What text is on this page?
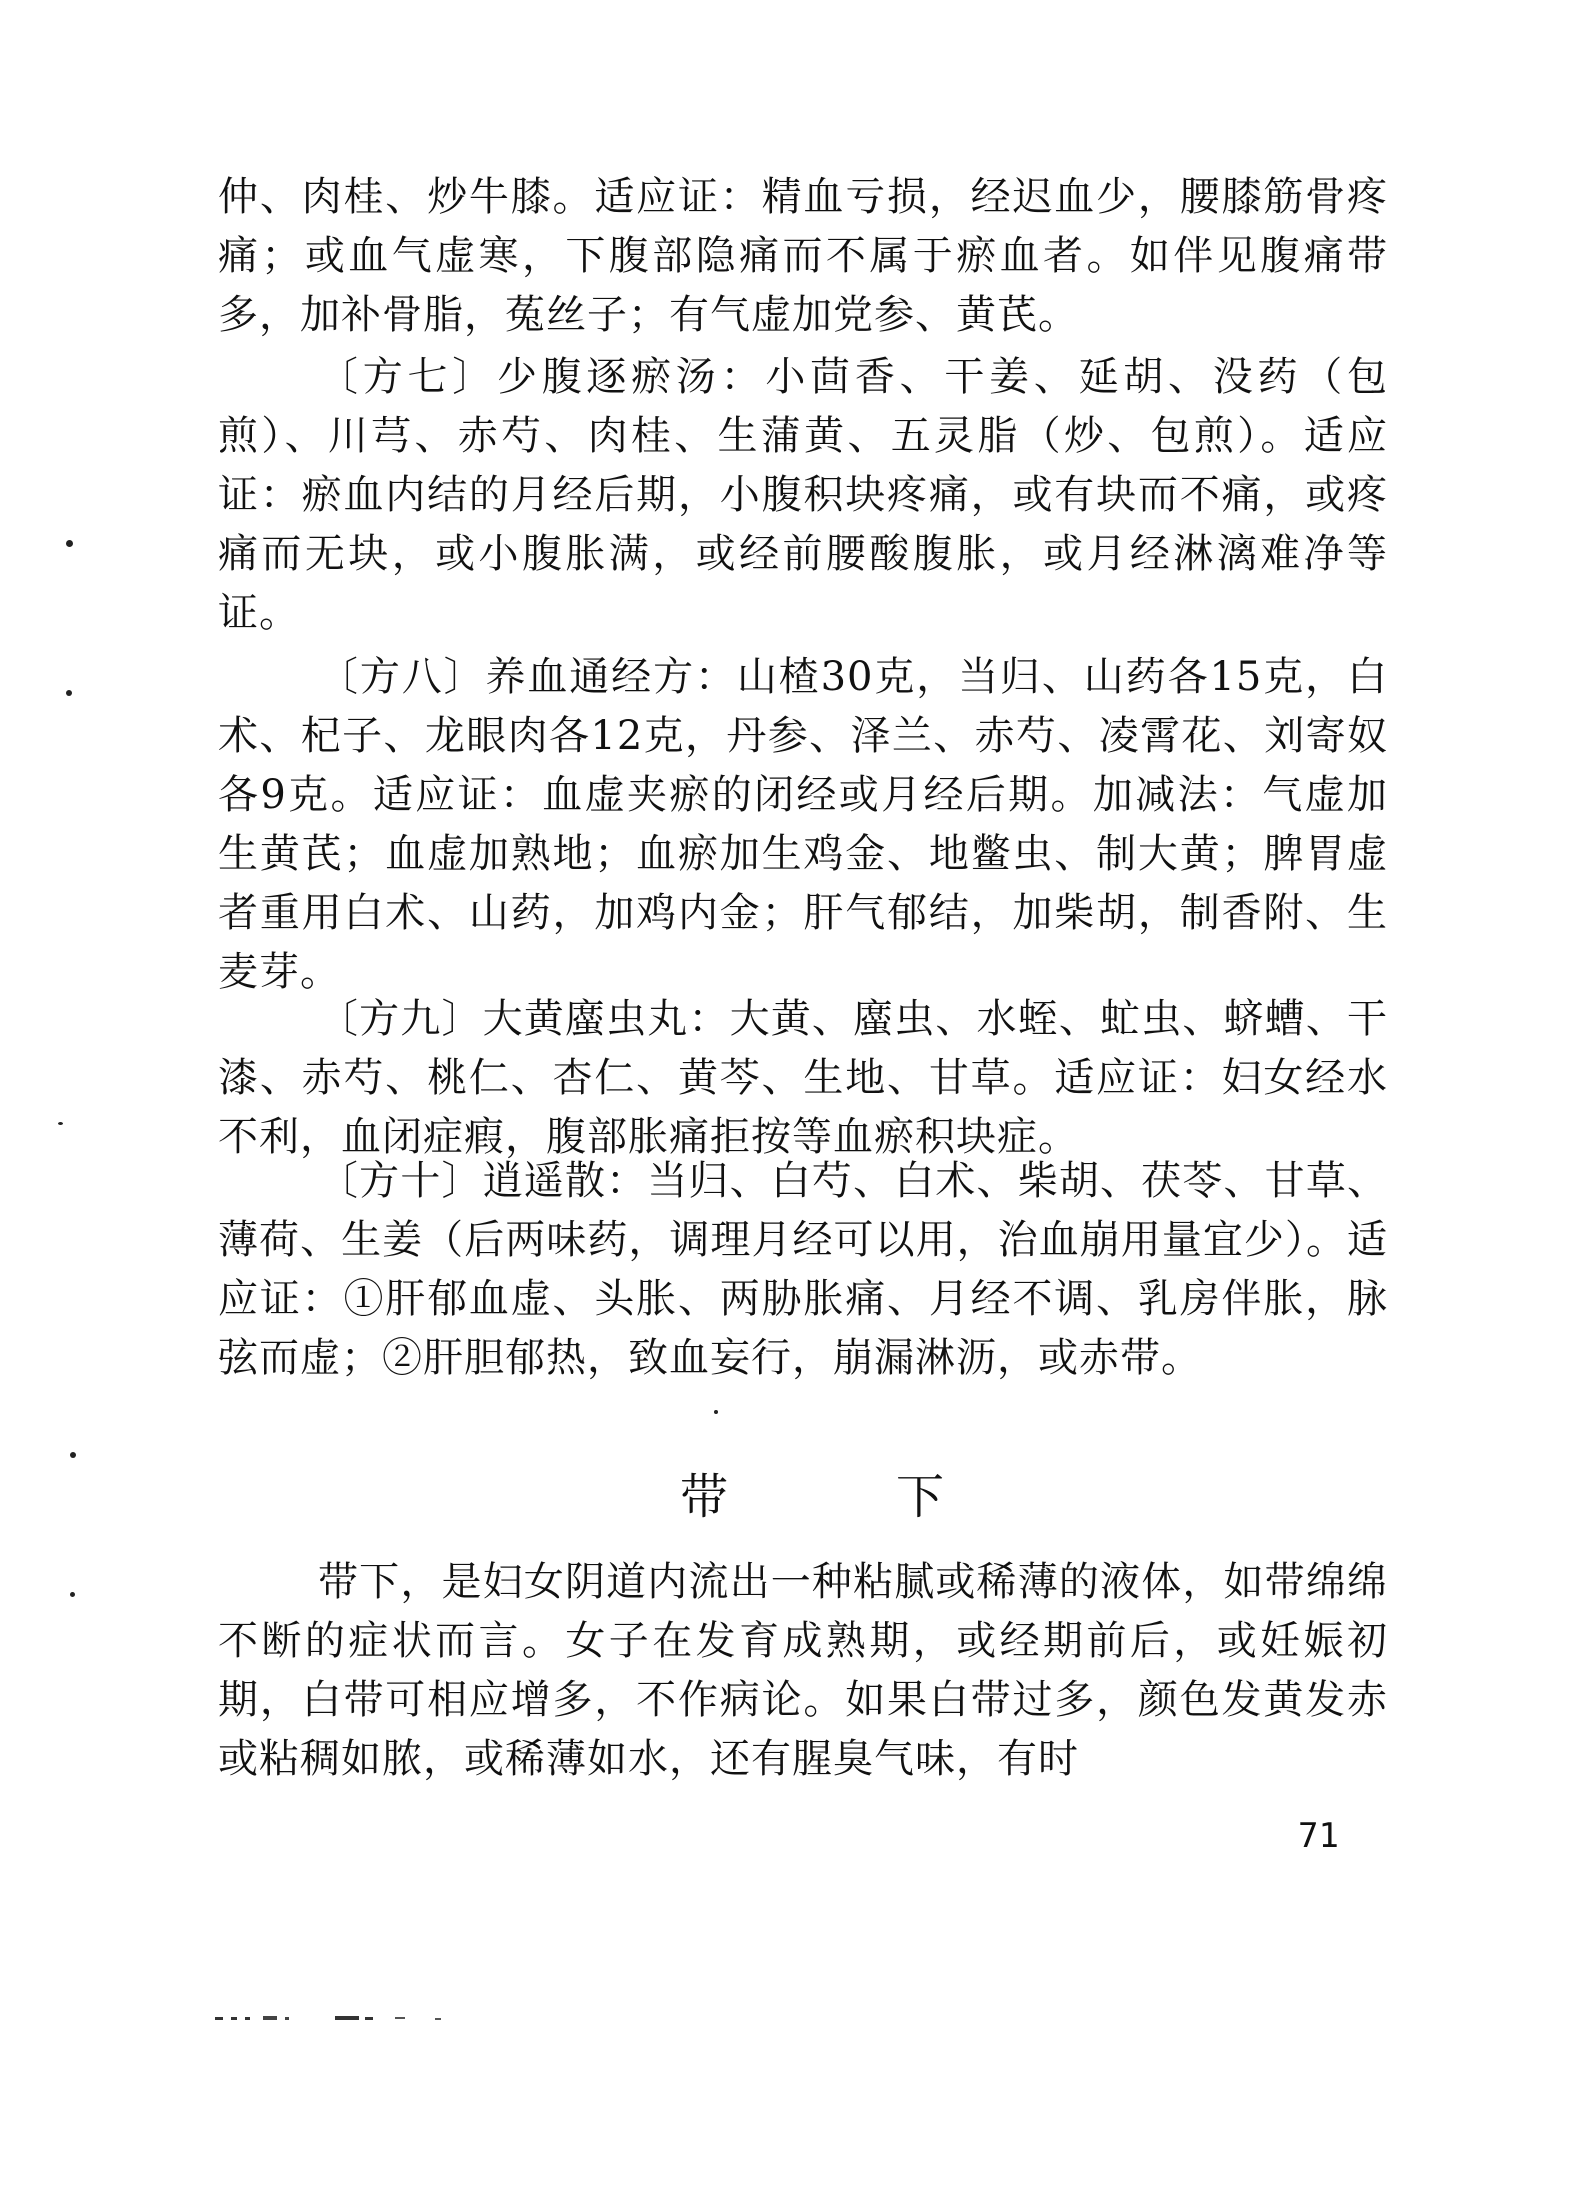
仲、肉桂、炒牛膝。适应证：精血亏损，经迟血少，腰膝筋骨疼痛；或血气虚寒，下腹部隐痛而不属于瘀血者。如伴见腹痛带多，加补骨脂，菟丝子；有气虚加党参、黄芪。

〔方七〕少腹逐瘀汤：小茴香、干姜、延胡、没药（包煎）、川芎、赤芍、肉桂、生蒲黄、五灵脂（炒、包煎）。适应证：瘀血内结的月经后期，小腹积块疼痛，或有块而不痛，或疼痛而无块，或小腹胀满，或经前腰酸腹胀，或月经淋漓难净等证。

〔方八〕养血通经方：山楂30克，当归、山药各15克，白术、杞子、龙眼肉各12克，丹参、泽兰、赤芍、凌霄花、刘寄奴各9克。适应证：血虚夹瘀的闭经或月经后期。加减法：气虚加生黄芪；血虚加熟地；血瘀加生鸡金、地鳖虫、制大黄；脾胃虚者重用白术、山药，加鸡内金；肝气郁结，加柴胡，制香附、生麦芽。

〔方九〕大黄䗪虫丸：大黄、䗪虫、水蛭、虻虫、蛴螬、干漆、赤芍、桃仁、杏仁、黄芩、生地、甘草。适应证：妇女经水不利，血闭症瘕，腹部胀痛拒按等血瘀积块症。

〔方十〕逍遥散：当归、白芍、白术、柴胡、茯苓、甘草、薄荷、生姜（后两味药，调理月经可以用，治血崩用量宜少）。适应证：①肝郁血虚、头胀、两胁胀痛、月经不调、乳房伴胀，脉弦而虚；②肝胆郁热，致血妄行，崩漏淋沥，或赤带。

带　下

带下，是妇女阴道内流出一种粘腻或稀薄的液体，如带绵绵不断的症状而言。女子在发育成熟期，或经期前后，或妊娠初期，白带可相应增多，不作病论。如果白带过多，颜色发黄发赤或粘稠如脓，或稀薄如水，还有腥臭气味，有时

71
